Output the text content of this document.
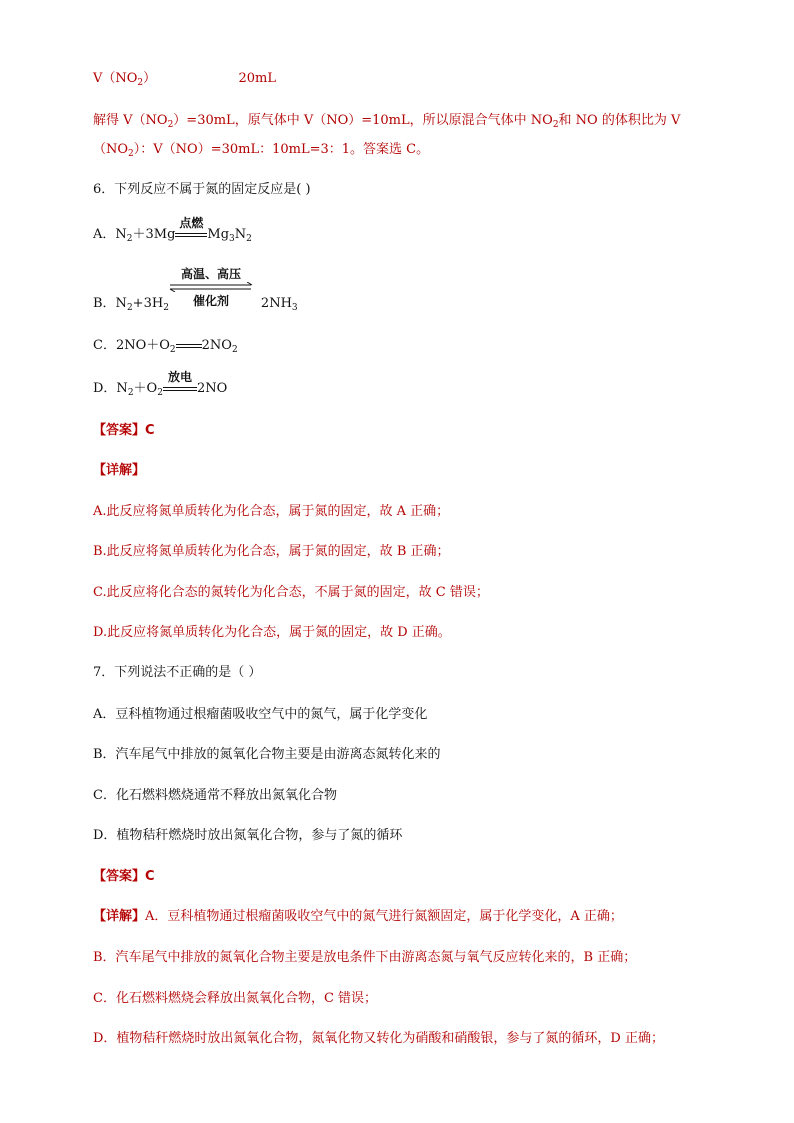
$V(NO_2)$	20mL
解得 $V(NO_2)=30mL$，原气体中 V（NO）=10mL，所以原混合气体中 $NO_2$和 NO 的体积比为 V
$(NO_2)$：V（NO）=30mL：10mL=3：1。答案选 C。
6．下列反应不属于氮的固定反应是( )
A．$N_2+3Mg$
点燃
$Mg_3N_2$
高温、高压
催化剂
B．$N_2+3H_2$	$2NH_3$
C．$2NO+O_2$ $2NO_2$
D．$N_2+O_2$
放电
2NO
【答案】C
【详解】
A.此反应将氮单质转化为化合态，属于氮的固定，故 A 正确；
B.此反应将氮单质转化为化合态，属于氮的固定，故 B 正确；
C.此反应将化合态的氮转化为化合态，不属于氮的固定，故 C 错误；
D.此反应将氮单质转化为化合态，属于氮的固定，故 D 正确。
7．下列说法不正确的是（ ）
A．豆科植物通过根瘤菌吸收空气中的氮气，属于化学变化
B．汽车尾气中排放的氮氧化合物主要是由游离态氮转化来的
C．化石燃料燃烧通常不释放出氮氧化合物
D．植物秸秆燃烧时放出氮氧化合物，参与了氮的循环
【答案】C
【详解】A．豆科植物通过根瘤菌吸收空气中的氮气进行氮额固定，属于化学变化，A 正确；
B．汽车尾气中排放的氮氧化合物主要是放电条件下由游离态氮与氧气反应转化来的，B 正确；
C．化石燃料燃烧会释放出氮氧化合物，C 错误；
D．植物秸秆燃烧时放出氮氧化合物，氮氧化物又转化为硝酸和硝酸银，参与了氮的循环，D 正确；
